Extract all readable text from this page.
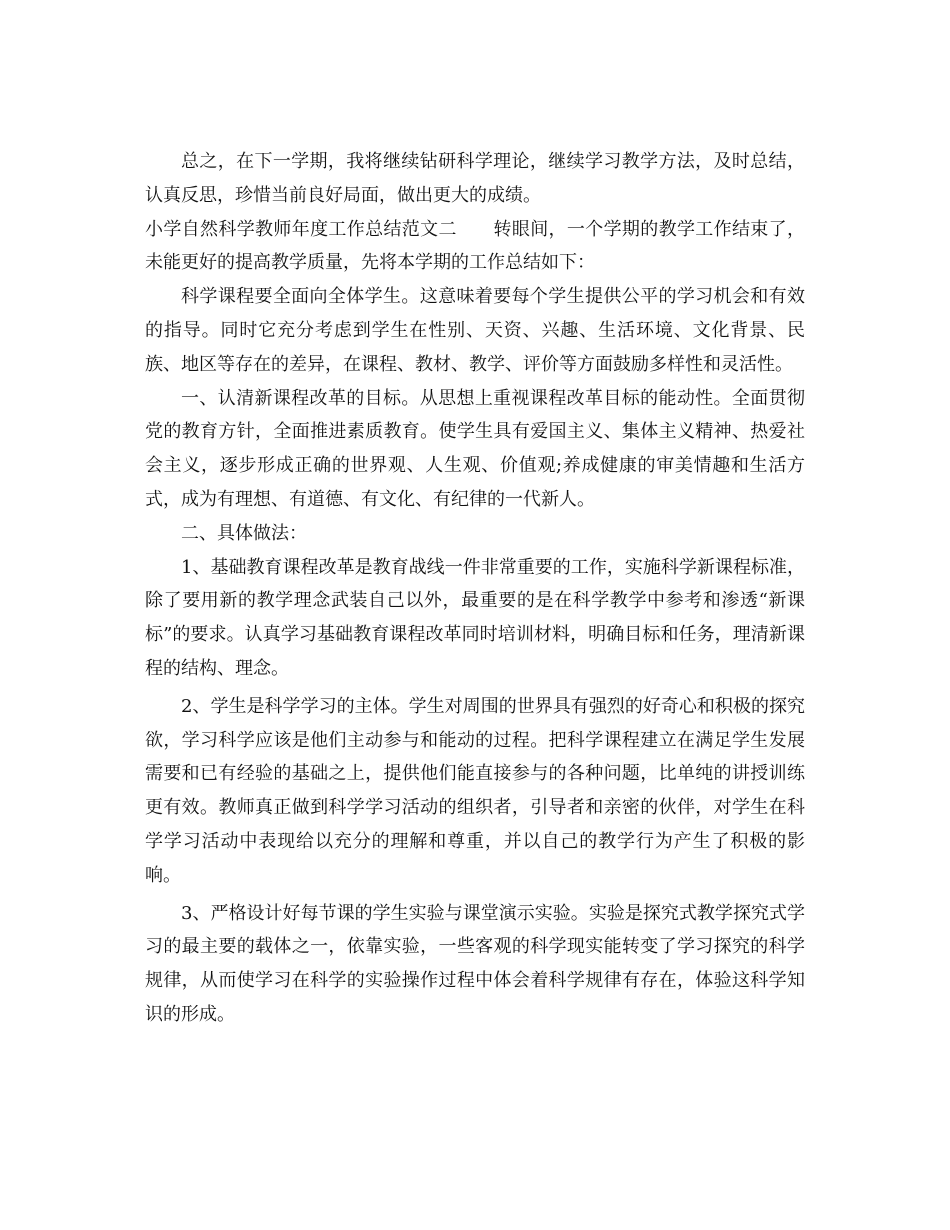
总之，在下一学期，我将继续钻研科学理论，继续学习教学方法，及时总结，认真反思，珍惜当前良好局面，做出更大的成绩。

小学自然科学教师年度工作总结范文二　　转眼间，一个学期的教学工作结束了，未能更好的提高教学质量，先将本学期的工作总结如下：

科学课程要全面向全体学生。这意味着要每个学生提供公平的学习机会和有效的指导。同时它充分考虑到学生在性别、天资、兴趣、生活环境、文化背景、民族、地区等存在的差异，在课程、教材、教学、评价等方面鼓励多样性和灵活性。

一、认清新课程改革的目标。从思想上重视课程改革目标的能动性。全面贯彻党的教育方针，全面推进素质教育。使学生具有爱国主义、集体主义精神、热爱社会主义，逐步形成正确的世界观、人生观、价值观;养成健康的审美情趣和生活方式，成为有理想、有道德、有文化、有纪律的一代新人。

二、具体做法：

1、基础教育课程改革是教育战线一件非常重要的工作，实施科学新课程标准，除了要用新的教学理念武装自己以外，最重要的是在科学教学中参考和渗透“新课标”的要求。认真学习基础教育课程改革同时培训材料，明确目标和任务，理清新课程的结构、理念。

2、学生是科学学习的主体。学生对周围的世界具有强烈的好奇心和积极的探究欲，学习科学应该是他们主动参与和能动的过程。把科学课程建立在满足学生发展需要和已有经验的基础之上，提供他们能直接参与的各种问题，比单纯的讲授训练更有效。教师真正做到科学学习活动的组织者，引导者和亲密的伙伴，对学生在科学学习活动中表现给以充分的理解和尊重，并以自己的教学行为产生了积极的影响。

3、严格设计好每节课的学生实验与课堂演示实验。实验是探究式教学探究式学习的最主要的载体之一，依靠实验，一些客观的科学现实能转变了学习探究的科学规律，从而使学习在科学的实验操作过程中体会着科学规律有存在，体验这科学知识的形成。
